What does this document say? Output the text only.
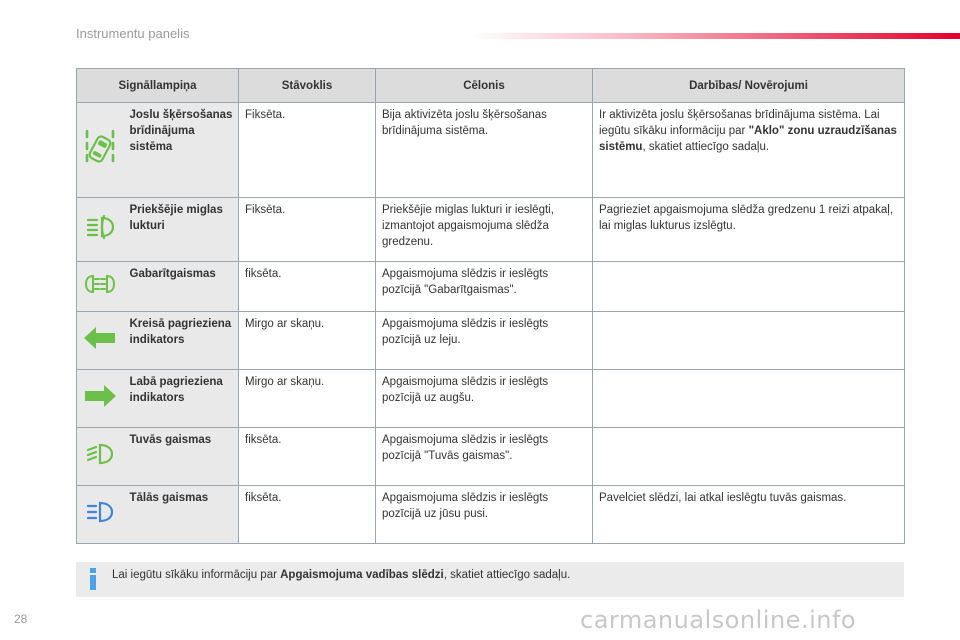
Instrumentu panelis
Signāllampiņa		Stāvoklis	Cēlonis	Darbības/ Novērojumi

	Joslu šķērsošanas brīdinājuma sistēma	Fiksēta.	Bija aktivizēta joslu šķērsošanas brīdinājuma sistēma.	Ir aktivizēta joslu šķērsošanas brīdinājuma sistēma. Lai iegūtu sīkāku informāciju par "Aklo" zonu uzraudzīšanas sistēmu, skatiet attiecīgo sadaļu.

	Priekšējie miglas lukturi	Fiksēta.	Priekšējie miglas lukturi ir ieslēgti, izmantojot apgaismojuma slēdža gredzenu.	Pagrieziet apgaismojuma slēdža gredzenu 1 reizi atpakaļ, lai miglas lukturus izslēgtu.

	Gabarītgaismas	fiksēta.	Apgaismojuma slēdzis ir ieslēgts pozīcijā "Gabarītgaismas".	

	Kreisā pagrieziena indikators	Mirgo ar skaņu.	Apgaismojuma slēdzis ir ieslēgts pozīcijā uz leju.	

	Labā pagrieziena indikators	Mirgo ar skaņu.	Apgaismojuma slēdzis ir ieslēgts pozīcijā uz augšu.	

	Tuvās gaismas	fiksēta.	Apgaismojuma slēdzis ir ieslēgts pozīcijā "Tuvās gaismas".	

	Tālās gaismas	fiksēta.	Apgaismojuma slēdzis ir ieslēgts pozīcijā uz jūsu pusi.	Pavelciet slēdzi, lai atkal ieslēgtu tuvās gaismas.
Lai iegūtu sīkāku informāciju par Apgaismojuma vadības slēdzi, skatiet attiecīgo sadaļu.
28	carmanualsonline.info
